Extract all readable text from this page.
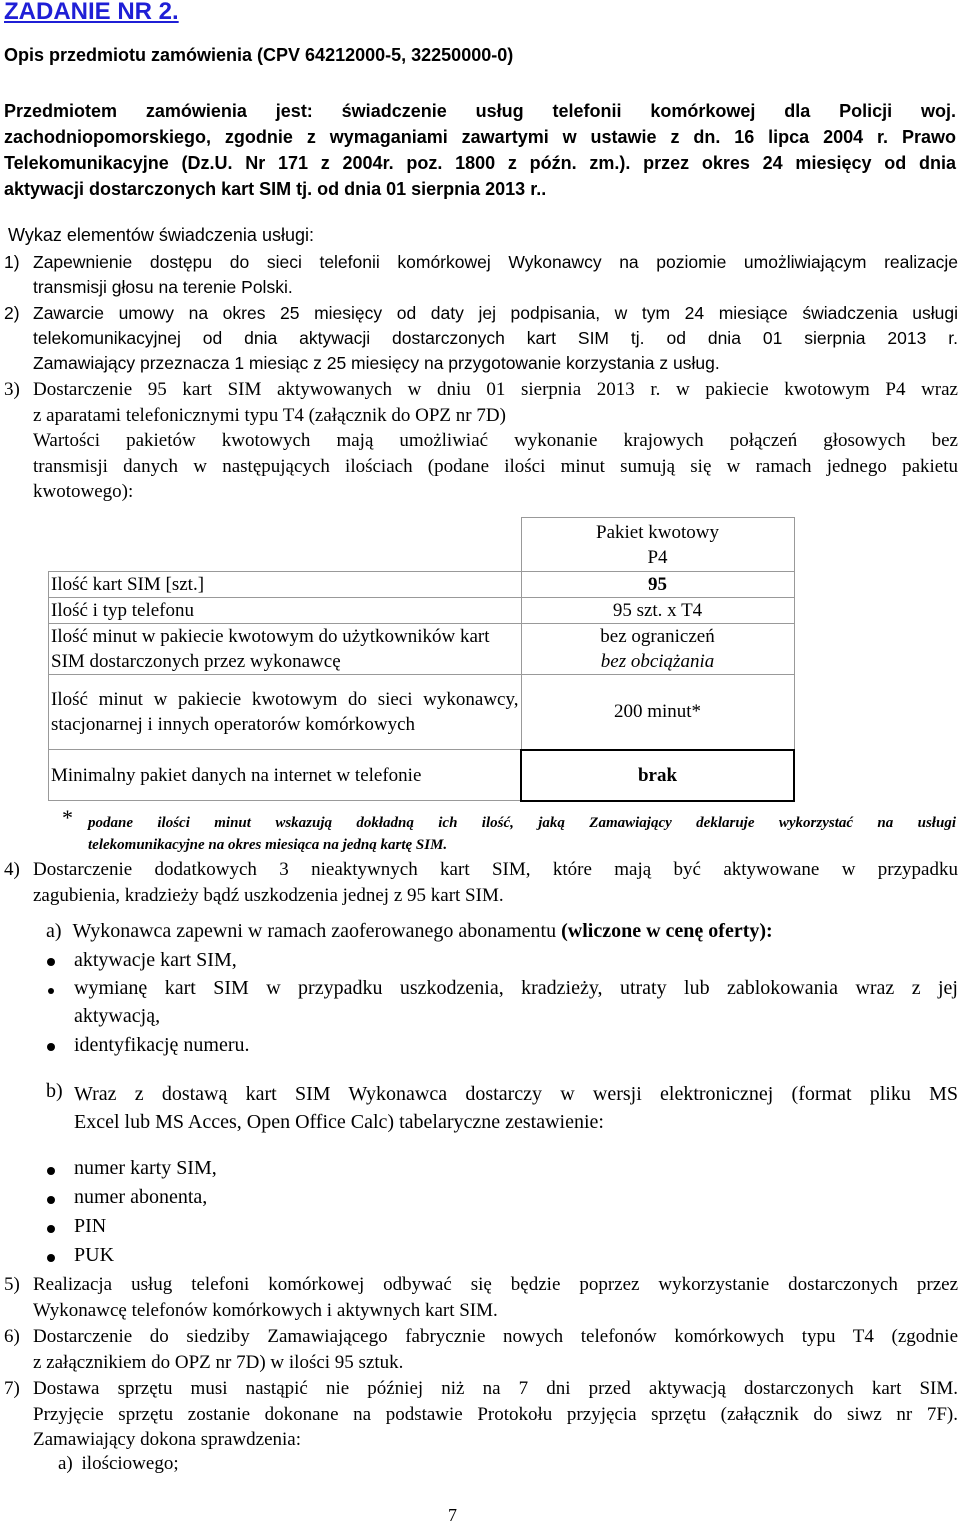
ZADANIE NR 2.
Opis przedmiotu zamówienia (CPV 64212000-5, 32250000-0)
Przedmiotem zamówienia jest: świadczenie usług telefonii komórkowej dla Policji woj.
zachodniopomorskiego, zgodnie z wymaganiami zawartymi w ustawie z dn. 16 lipca 2004 r. Prawo
Telekomunikacyjne (Dz.U. Nr 171 z 2004r. poz. 1800 z późn. zm.). przez okres 24 miesięcy od dnia
aktywacji dostarczonych kart SIM tj. od dnia 01 sierpnia 2013 r..
Wykaz elementów świadczenia usługi:
1) Zapewnienie dostępu do sieci telefonii komórkowej Wykonawcy na poziomie umożliwiającym realizacje
transmisji głosu na terenie Polski.
2) Zawarcie umowy na okres 25 miesięcy od daty jej podpisania, w tym 24 miesiące świadczenia usługi
telekomunikacyjnej od dnia aktywacji dostarczonych kart SIM tj. od dnia 01 sierpnia 2013 r.
Zamawiający przeznacza 1 miesiąc z 25 miesięcy na przygotowanie korzystania z usług.
3) Dostarczenie 95 kart SIM aktywowanych w dniu 01 sierpnia 2013 r. w pakiecie kwotowym P4 wraz
z aparatami telefonicznymi typu T4 (załącznik do OPZ nr 7D)
Wartości pakietów kwotowych mają umożliwiać wykonanie krajowych połączeń głosowych bez
transmisji danych w następujących ilościach (podane ilości minut sumują się w ramach jednego pakietu
kwotowego):

	Pakiet kwotowy
P4

Ilość kart SIM [szt.]	95
Ilość i typ telefonu	95 szt. x T4
Ilość minut w pakiecie kwotowym do użytkowników kart SIM dostarczonych przez wykonawcę	bez ograniczeń
bez obciążania

Ilość minut w pakiecie kwotowym do sieci wykonawcy, stacjonarnej i innych operatorów komórkowych	200 minut*
Minimalny pakiet danych na internet w telefonie	brak
* podane ilości minut wskazują dokładną ich ilość, jaką Zamawiający deklaruje wykorzystać na usługi
telekomunikacyjne na okres miesiąca na jedną kartę SIM.
4) Dostarczenie dodatkowych 3 nieaktywnych kart SIM, które mają być aktywowane w przypadku
zagubienia, kradzieży bądź uszkodzenia jednej z 95 kart SIM.
a) Wykonawca zapewni w ramach zaoferowanego abonamentu (wliczone w cenę oferty):
aktywacje kart SIM,
wymianę kart SIM w przypadku uszkodzenia, kradzieży, utraty lub zablokowania wraz z jej
aktywacją,
identyfikację numeru.
b) Wraz z dostawą kart SIM Wykonawca dostarczy w wersji elektronicznej (format pliku MS
Excel lub MS Acces, Open Office Calc) tabelaryczne zestawienie:
numer karty SIM,
numer abonenta,
PIN
PUK
5) Realizacja usług telefoni komórkowej odbywać się będzie poprzez wykorzystanie dostarczonych przez
Wykonawcę telefonów komórkowych i aktywnych kart SIM.
6) Dostarczenie do siedziby Zamawiającego fabrycznie nowych telefonów komórkowych typu T4 (zgodnie
z załącznikiem do OPZ nr 7D) w ilości 95 sztuk.
7) Dostawa sprzętu musi nastąpić nie później niż na 7 dni przed aktywacją dostarczonych kart SIM.
Przyjęcie sprzętu zostanie dokonane na podstawie Protokołu przyjęcia sprzętu (załącznik do siwz nr 7F).
Zamawiający dokona sprawdzenia:
a) ilościowego;
7
